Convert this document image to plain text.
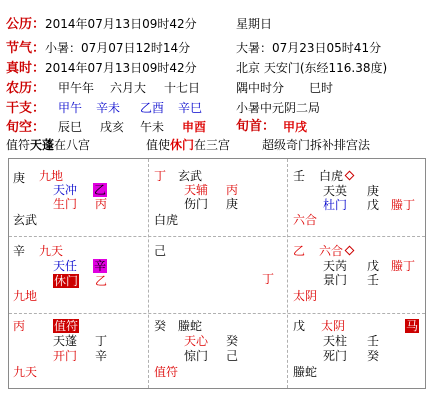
公历：2014年07月13日09时42分	星期日
节气：小暑：07月07日12时14分	大暑：07月23日05时41分
真时：2014年07月13日09时42分	北京 天安门(东经116.38度)
农历： 甲午年 六月大 十七日	隅中时分 巳时
干支： 甲午 辛未 乙酉 辛巳	小暑中元阴二局
旬空： 辰巳 戌亥 午未 申酉 旬首： 甲戌
值符天蓬在八宫	值使休门在三宫	超级奇门拆补排宫法
庚 九地
天冲 乙
生门 丙
玄武
丁 玄武
天辅 丙
伤门 庚
白虎
壬 白虎
天英 庚
杜门 戊 螣丁
六合
辛 九天
天任 辛
休门 乙
九地
己
丁
乙 六合
天芮 戊 螣丁
景门 壬
太阴
丙 值符
天蓬 丁
开门 辛
九天
癸 螣蛇
天心 癸
惊门 己
值符
戊 太阴	马
天柱 壬
死门 癸
螣蛇
